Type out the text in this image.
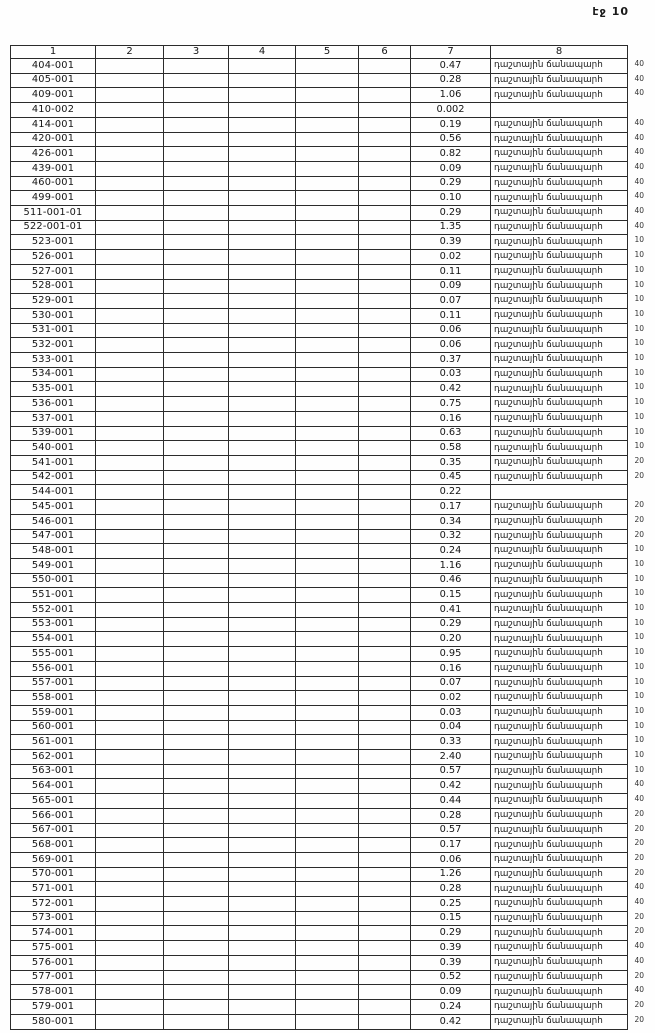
էջ 10
1	2	3	4	5	6	7	8
404-001						0.47	դաշտային ճանապարհ 40

405-001						0.28	դաշտային ճանապարհ 40

409-001						1.06	դաշտային ճանապարհ 40

410-002						0.002	

414-001						0.19	դաշտային ճանապարհ 40

420-001						0.56	դաշտային ճանապարհ 40

426-001						0.82	դաշտային ճանապարհ 40

439-001						0.09	դաշտային ճանապարհ 40

460-001						0.29	դաշտային ճանապարհ 40

499-001						0.10	դաշտային ճանապարհ 40

511-001-01						0.29	դաշտային ճանապարհ 40

522-001-01						1.35	դաշտային ճանապարհ 40

523-001						0.39	դաշտային ճանապարհ 10

526-001						0.02	դաշտային ճանապարհ 10

527-001						0.11	դաշտային ճանապարհ 10

528-001						0.09	դաշտային ճանապարհ 10

529-001						0.07	դաշտային ճանապարհ 10

530-001						0.11	դաշտային ճանապարհ 10

531-001						0.06	դաշտային ճանապարհ 10

532-001						0.06	դաշտային ճանապարհ 10

533-001						0.37	դաշտային ճանապարհ 10

534-001						0.03	դաշտային ճանապարհ 10

535-001						0.42	դաշտային ճանապարհ 10

536-001						0.75	դաշտային ճանապարհ 10

537-001						0.16	դաշտային ճանապարհ 10

539-001						0.63	դաշտային ճանապարհ 10

540-001						0.58	դաշտային ճանապարհ 10

541-001						0.35	դաշտային ճանապարհ 20

542-001						0.45	դաշտային ճանապարհ 20

544-001						0.22	

545-001						0.17	դաշտային ճանապարհ 20

546-001						0.34	դաշտային ճանապարհ 20

547-001						0.32	դաշտային ճանապարհ 20

548-001						0.24	դաշտային ճանապարհ 10

549-001						1.16	դաշտային ճանապարհ 10

550-001						0.46	դաշտային ճանապարհ 10

551-001						0.15	դաշտային ճանապարհ 10

552-001						0.41	դաշտային ճանապարհ 10

553-001						0.29	դաշտային ճանապարհ 10

554-001						0.20	դաշտային ճանապարհ 10

555-001						0.95	դաշտային ճանապարհ 10

556-001						0.16	դաշտային ճանապարհ 10

557-001						0.07	դաշտային ճանապարհ 10

558-001						0.02	դաշտային ճանապարհ 10

559-001						0.03	դաշտային ճանապարհ 10

560-001						0.04	դաշտային ճանապարհ 10

561-001						0.33	դաշտային ճանապարհ 10

562-001						2.40	դաշտային ճանապարհ 10

563-001						0.57	դաշտային ճանապարհ 10

564-001						0.42	դաշտային ճանապարհ 40

565-001						0.44	դաշտային ճանապարհ 40

566-001						0.28	դաշտային ճանապարհ 20

567-001						0.57	դաշտային ճանապարհ 20

568-001						0.17	դաշտային ճանապարհ 20

569-001						0.06	դաշտային ճանապարհ 20

570-001						1.26	դաշտային ճանապարհ 20

571-001						0.28	դաշտային ճանապարհ 40

572-001						0.25	դաշտային ճանապարհ 40

573-001						0.15	դաշտային ճանապարհ 20

574-001						0.29	դաշտային ճանապարհ 20

575-001						0.39	դաշտային ճանապարհ 40

576-001						0.39	դաշտային ճանապարհ 40

577-001						0.52	դաշտային ճանապարհ 20

578-001						0.09	դաշտային ճանապարհ 40

579-001						0.24	դաշտային ճանապարհ 20

580-001						0.42	դաշտային ճանապարհ 20
